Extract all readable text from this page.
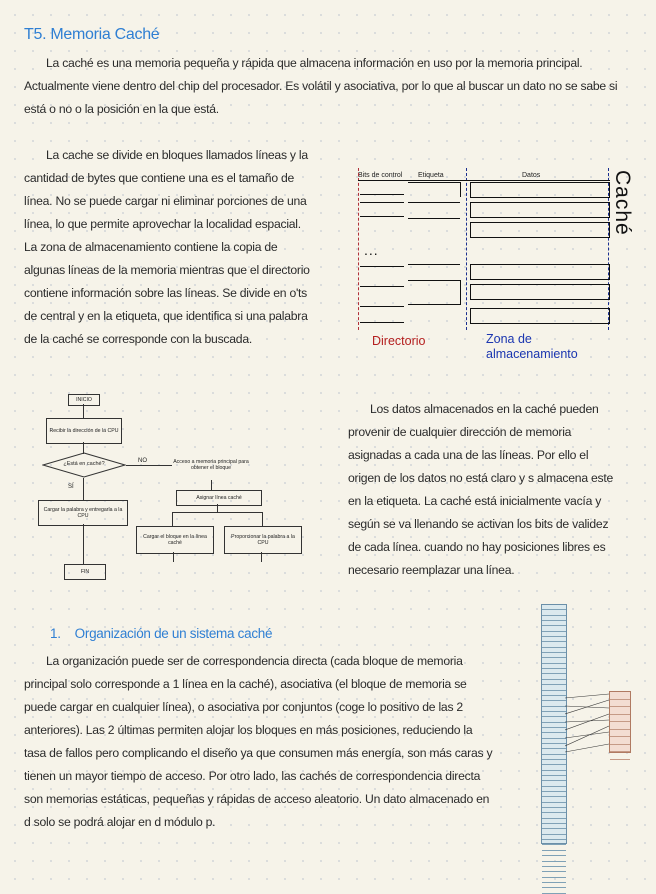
T5. Memoria Caché

La caché es una memoria pequeña y rápida que almacena información en uso por la memoria principal. Actualmente viene dentro del chip del procesador. Es volátil y asociativa, por lo que al buscar un dato no se sabe si está o no o la posición en la que está.

La cache se divide en bloques llamados líneas y la cantidad de bytes que contiene una es el tamaño de línea. No se puede cargar ni eliminar porciones de una línea, lo que permite aprovechar la localidad espacial. La zona de almacenamiento contiene la copia de algunas líneas de la memoria mientras que el directorio contiene información sobre las líneas. Se divide en o'ts de central y en la etiqueta, que identifica si una palabra de la caché se corresponde con la buscada.

Bits de control Etiqueta	Datos
...
Caché
Directorio	Zona de almacenamiento
INICIO
Recibir la dirección de la CPU
¿Está en caché?	NO	Acceso a memoria principal para obtener el bloque
SÍ
Cargar la palabra y entregarla a la CPU
Asignar línea caché
Cargar el bloque en la línea caché
Proporcionar la palabra a la CPU
FIN

Los datos almacenados en la caché pueden provenir de cualquier dirección de memoria asignadas a cada una de las líneas. Por ello el origen de los datos no está claro y s almacena este en la etiqueta. La caché está inicialmente vacía y según se va llenando se activan los bits de validez de cada línea. cuando no hay posiciones libres es necesario reemplazar una línea.

1. Organización de un sistema caché

La organización puede ser de correspondencia directa (cada bloque de memoria principal solo corresponde a 1 línea en la caché), asociativa (el bloque de memoria se puede cargar en cualquier línea), o asociativa por conjuntos (coge lo positivo de las 2 anteriores). Las 2 últimas permiten alojar los bloques en más posiciones, reduciendo la tasa de fallos pero complicando el diseño ya que consumen más energía, son más caras y tienen un mayor tiempo de acceso. Por otro lado, las cachés de correspondencia directa son memorias estáticas, pequeñas y rápidas de acceso aleatorio. Un dato almacenado en d solo se podrá alojar en d módulo p.
